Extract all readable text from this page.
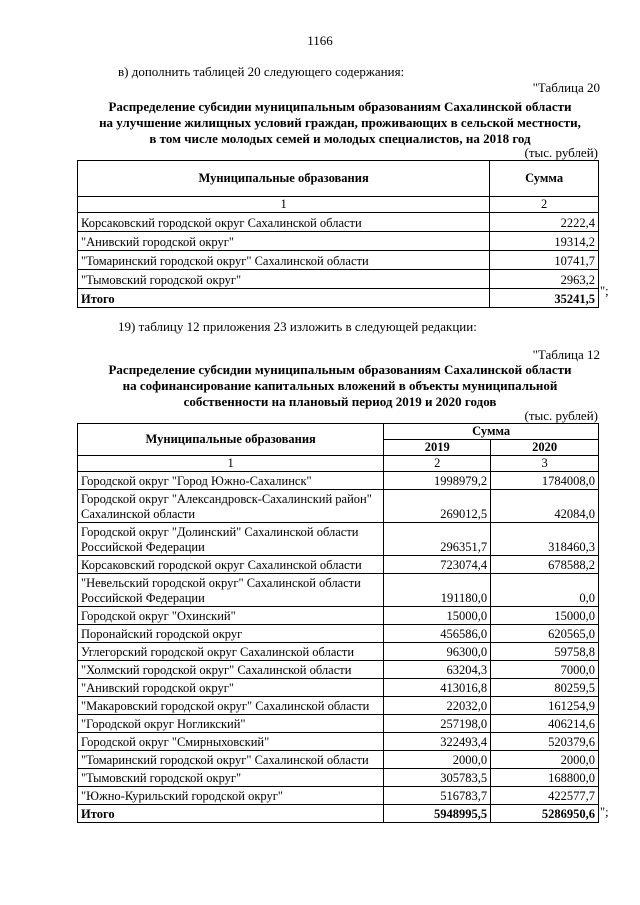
1166
в) дополнить таблицей 20 следующего содержания:
"Таблица 20
Распределение субсидии муниципальным образованиям Сахалинской области
на улучшение жилищных условий граждан, проживающих в сельской местности,
в том числе молодых семей и молодых специалистов, на 2018 год
(тыс. рублей)
Муниципальные образования	Сумма
1	2
Корсаковский городской округ Сахалинской области	2222,4
"Анивский городской округ"	19314,2
"Томаринский городской округ" Сахалинской области	10741,7
"Тымовский городской округ"	2963,2
Итого	35241,5
";
19) таблицу 12 приложения 23 изложить в следующей редакции:
"Таблица 12
Распределение субсидии муниципальным образованиям Сахалинской области
на софинансирование капитальных вложений в объекты муниципальной
собственности на плановый период 2019 и 2020 годов
(тыс. рублей)
Муниципальные образования	Сумма	
	2019	2020
1	2	3
Городской округ "Город Южно-Сахалинск"	1998979,2	1784008,0
Городской округ "Александровск-Сахалинский район" Сахалинской области	269012,5	42084,0
Городской округ "Долинский" Сахалинской области Российской Федерации	296351,7	318460,3
Корсаковский городской округ Сахалинской области	723074,4	678588,2
"Невельский городской округ" Сахалинской области Российской Федерации	191180,0	0,0
Городской округ "Охинский"	15000,0	15000,0
Поронайский городской округ	456586,0	620565,0
Углегорский городской округ Сахалинской области	96300,0	59758,8
"Холмский городской округ" Сахалинской области	63204,3	7000,0
"Анивский городской округ"	413016,8	80259,5
"Макаровский городской округ" Сахалинской области	22032,0	161254,9
"Городской округ Ногликский"	257198,0	406214,6
Городской округ "Смирныховский"	322493,4	520379,6
"Томаринский городской округ" Сахалинской области	2000,0	2000,0
"Тымовский городской округ"	305783,5	168800,0
"Южно-Курильский городской округ"	516783,7	422577,7
Итого	5948995,5	5286950,6 ";
